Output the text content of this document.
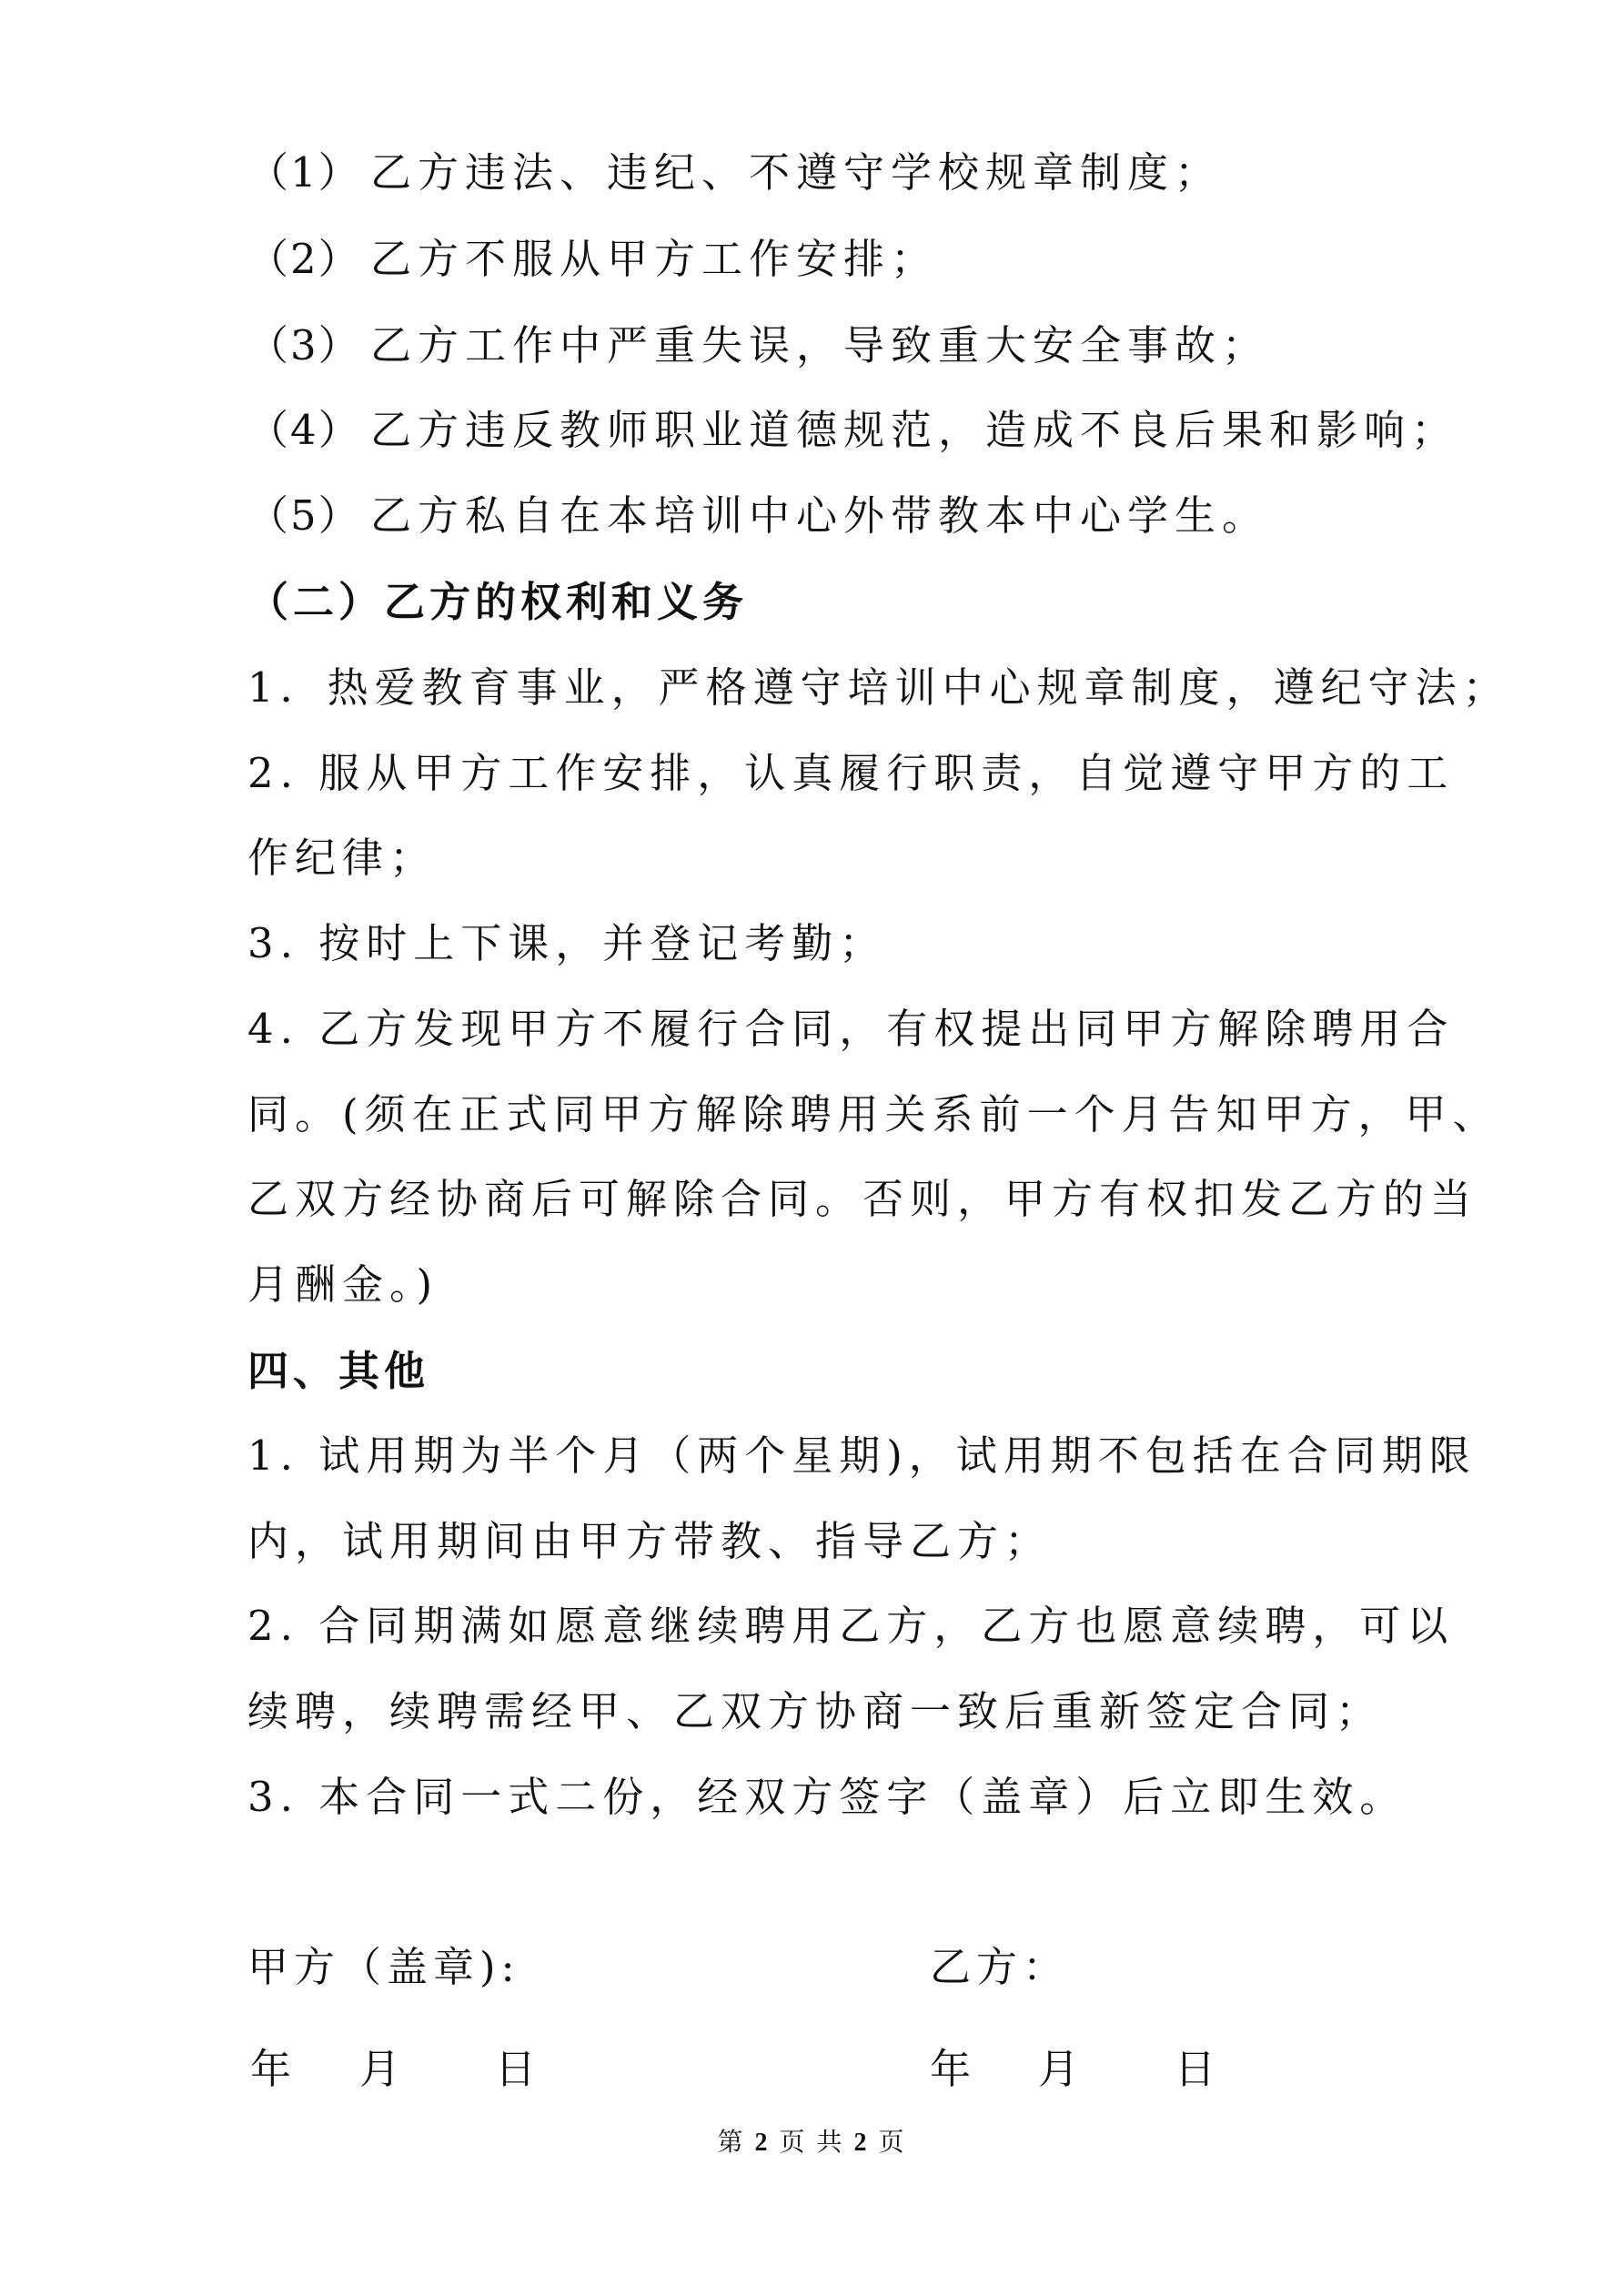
（1） 乙方违法、违纪、不遵守学校规章制度；
（2） 乙方不服从甲方工作安排；
（3） 乙方工作中严重失误，导致重大安全事故；
（4） 乙方违反教师职业道德规范，造成不良后果和影响；
（5） 乙方私自在本培训中心外带教本中心学生。
（二）乙方的权利和义务
1．热爱教育事业，严格遵守培训中心规章制度，遵纪守法；
2. 服从甲方工作安排，认真履行职责，自觉遵守甲方的工
作纪律；
3. 按时上下课，并登记考勤；
4. 乙方发现甲方不履行合同，有权提出同甲方解除聘用合
同。(须在正式同甲方解除聘用关系前一个月告知甲方，甲、
乙双方经协商后可解除合同。否则，甲方有权扣发乙方的当
月酬金。)
四、其他
1. 试用期为半个月（两个星期)，试用期不包括在合同期限
内，试用期间由甲方带教、指导乙方；
2. 合同期满如愿意继续聘用乙方，乙方也愿意续聘，可以
续聘，续聘需经甲、乙双方协商一致后重新签定合同；
3. 本合同一式二份，经双方签字（盖章）后立即生效。
甲方（盖章):	乙方：
年 月 日	年 月 日
第 2 页 共 2 页
